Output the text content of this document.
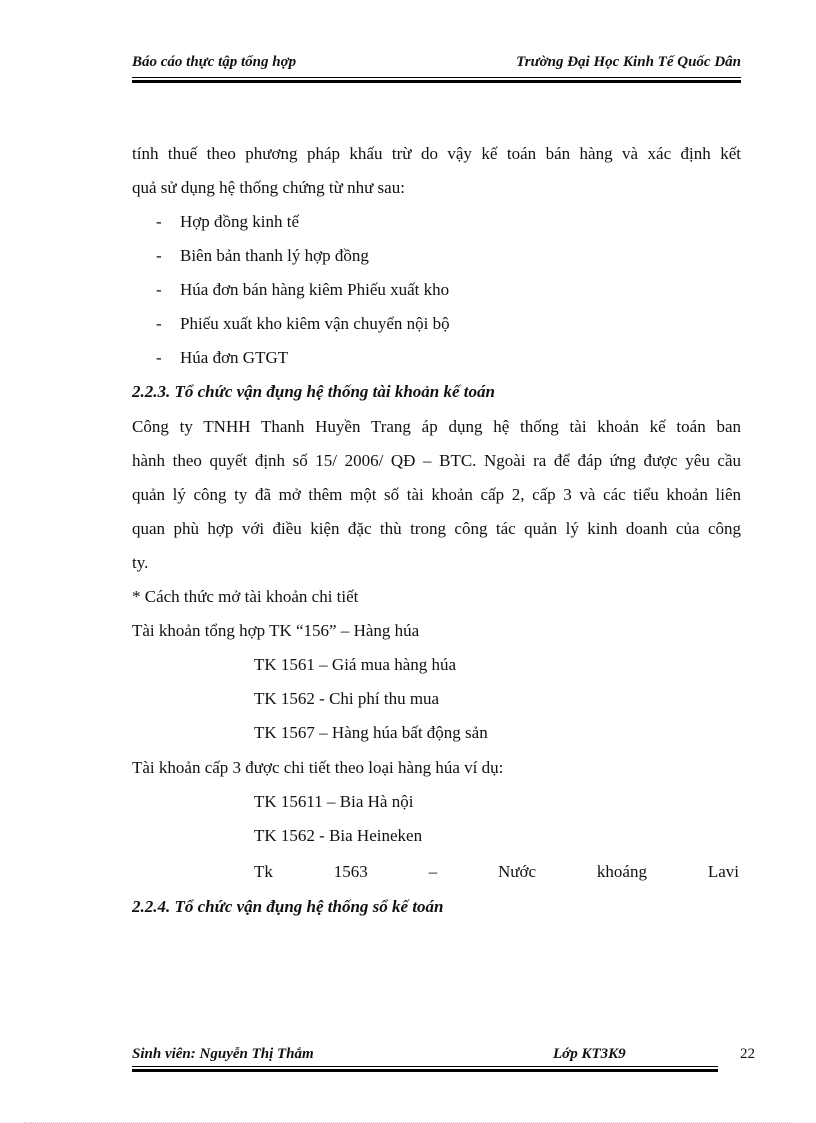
Báo cáo thực tập tổng hợp	Trường Đại Học Kinh Tế Quốc Dân
tính thuế theo phương pháp khấu trừ do vậy kế toán bán hàng và xác định kết
quả sử dụng hệ thống chứng từ như sau:
- Hợp đồng kinh tế
- Biên bản thanh lý hợp đồng
- Húa đơn bán hàng kiêm Phiếu xuất kho
- Phiếu xuất kho kiêm vận chuyển nội bộ
- Húa đơn GTGT
2.2.3. Tổ chức vận đụng hệ thống tài khoản kế toán
Công ty TNHH Thanh Huyền Trang áp dụng hệ thống tài khoản kế toán ban
hành theo quyết định số 15/ 2006/ QĐ – BTC. Ngoài ra để đáp ứng được yêu cầu
quản lý công ty đã mở thêm một số tài khoản cấp 2, cấp 3 và các tiểu khoản liên
quan phù hợp với điều kiện đặc thù trong công tác quản lý kinh doanh của công
ty.
* Cách thức mở tài khoản chi tiết
Tài khoản tổng hợp TK “156” – Hàng húa
TK 1561 – Giá mua hàng húa
TK 1562 - Chi phí thu mua
TK 1567 – Hàng húa bất động sản
Tài khoản cấp 3 được chi tiết theo loại hàng húa ví dụ:
TK 15611 – Bia Hà nội
TK 1562 - Bia Heineken
Tk	1563	–	Nước	khoáng	Lavi
2.2.4. Tổ chức vận đụng hệ thống sổ kế toán
Sinh viên: Nguyễn Thị Thắm	Lớp KT3K9	22
